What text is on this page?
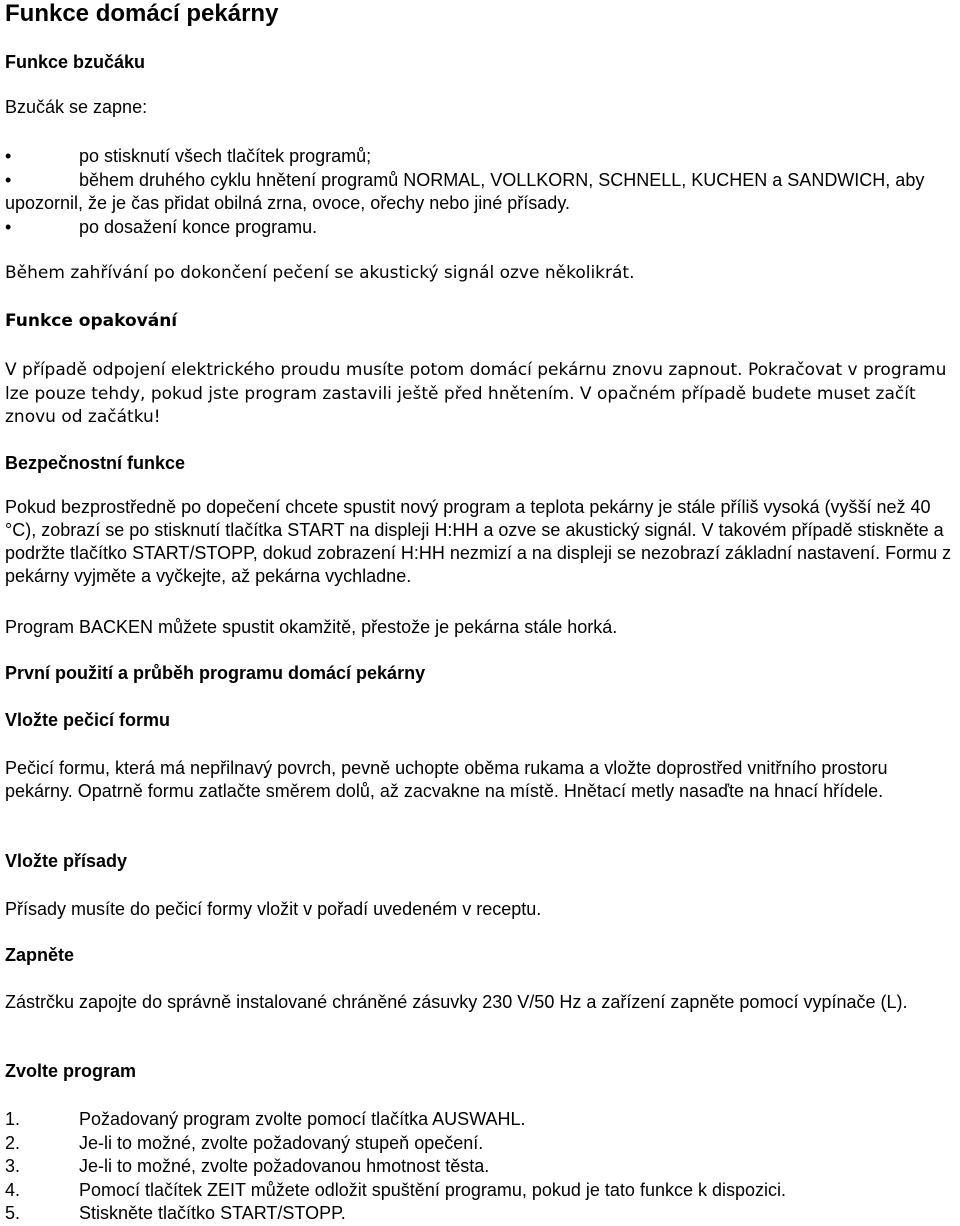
Funkce domácí pekárny
Funkce bzučáku

Bzučák se zapne:

•	po stisknutí všech tlačítek programů;
•	během druhého cyklu hnětení programů NORMAL, VOLLKORN, SCHNELL, KUCHEN a SANDWICH, aby upozornil, že je čas přidat obilná zrna, ovoce, ořechy nebo jiné přísady.
•	po dosažení konce programu.

Během zahřívání po dokončení pečení se akustický signál ozve několikrát.

Funkce opakování

V případě odpojení elektrického proudu musíte potom domácí pekárnu znovu zapnout. Pokračovat v programu lze pouze tehdy, pokud jste program zastavili ještě před hnětením. V opačném případě budete muset začít znovu od začátku!

Bezpečnostní funkce

Pokud bezprostředně po dopečení chcete spustit nový program a teplota pekárny je stále příliš vysoká (vyšší než 40 °C), zobrazí se po stisknutí tlačítka START na displeji H:HH a ozve se akustický signál. V takovém případě stiskněte a podržte tlačítko START/STOPP, dokud zobrazení H:HH nezmizí a na displeji se nezobrazí základní nastavení. Formu z pekárny vyjměte a vyčkejte, až pekárna vychladne.

Program BACKEN můžete spustit okamžitě, přestože je pekárna stále horká.

První použití a průběh programu domácí pekárny
Vložte pečicí formu

Pečicí formu, která má nepřilnavý povrch, pevně uchopte oběma rukama a vložte doprostřed vnitřního prostoru pekárny. Opatrně formu zatlačte směrem dolů, až zacvakne na místě. Hnětací metly nasaďte na hnací hřídele.

Vložte přísady

Přísady musíte do pečicí formy vložit v pořadí uvedeném v receptu.

Zapněte

Zástrčku zapojte do správně instalované chráněné zásuvky 230 V/50 Hz a zařízení zapněte pomocí vypínače (L).

Zvolte program
1.	Požadovaný program zvolte pomocí tlačítka AUSWAHL.
2.	Je-li to možné, zvolte požadovaný stupeň opečení.
3.	Je-li to možné, zvolte požadovanou hmotnost těsta.
4.	Pomocí tlačítek ZEIT můžete odložit spuštění programu, pokud je tato funkce k dispozici.
5.	Stiskněte tlačítko START/STOPP.
